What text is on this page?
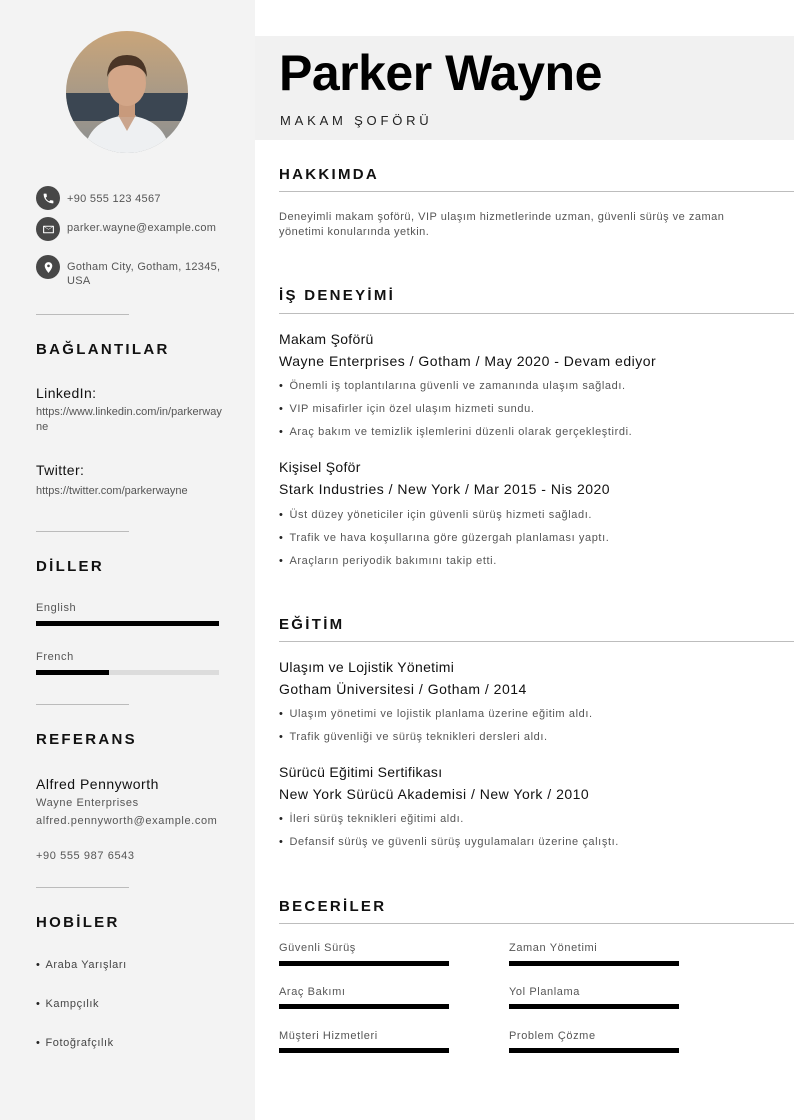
+90 555 123 4567
parker.wayne@example.com
Gotham City, Gotham, 12345, USA
BAĞLANTILAR
LinkedIn:
https://www.linkedin.com/in/parkerwayne
Twitter:
https://twitter.com/parkerwayne
DİLLER
English
French
REFERANS
Alfred Pennyworth
Wayne Enterprises
alfred.pennyworth@example.com
+90 555 987 6543
HOBİLER
• Araba Yarışları
• Kampçılık
• Fotoğrafçılık
Parker Wayne
MAKAM ŞOFÖRÜ
HAKKIMDA
Deneyimli makam şoförü, VIP ulaşım hizmetlerinde uzman, güvenli sürüş ve zaman yönetimi konularında yetkin.
İŞ DENEYİMİ
Makam Şoförü
Wayne Enterprises / Gotham / May 2020 - Devam ediyor
• Önemli iş toplantılarına güvenli ve zamanında ulaşım sağladı.
• VIP misafirler için özel ulaşım hizmeti sundu.
• Araç bakım ve temizlik işlemlerini düzenli olarak gerçekleştirdi.
Kişisel Şoför
Stark Industries / New York / Mar 2015 - Nis 2020
• Üst düzey yöneticiler için güvenli sürüş hizmeti sağladı.
• Trafik ve hava koşullarına göre güzergah planlaması yaptı.
• Araçların periyodik bakımını takip etti.
EĞİTİM
Ulaşım ve Lojistik Yönetimi
Gotham Üniversitesi / Gotham / 2014
• Ulaşım yönetimi ve lojistik planlama üzerine eğitim aldı.
• Trafik güvenliği ve sürüş teknikleri dersleri aldı.
Sürücü Eğitimi Sertifikası
New York Sürücü Akademisi / New York / 2010
• İleri sürüş teknikleri eğitimi aldı.
• Defansif sürüş ve güvenli sürüş uygulamaları üzerine çalıştı.
BECERİLER
Güvenli Sürüş	Zaman Yönetimi
Araç Bakımı	Yol Planlama
Müşteri Hizmetleri	Problem Çözme
